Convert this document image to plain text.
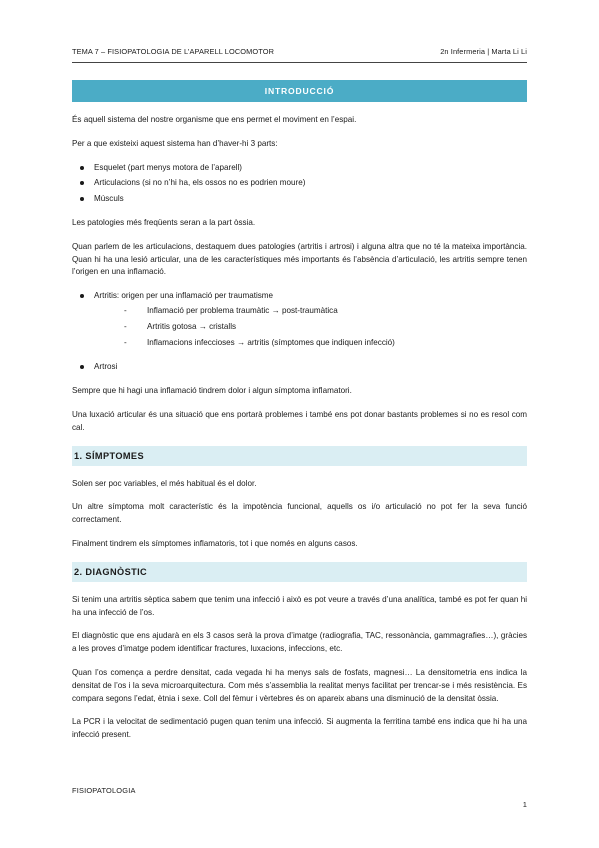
TEMA 7 – FISIOPATOLOGIA DE L’APARELL LOCOMOTOR	2n Infermeria | Marta Li Li
INTRODUCCIÓ

És aquell sistema del nostre organisme que ens permet el moviment en l’espai.

Per a que existeixi aquest sistema han d’haver-hi 3 parts:

Esquelet (part menys motora de l’aparell)
Articulacions (si no n’hi ha, els ossos no es podrien moure)
Músculs

Les patologies més freqüents seran a la part òssia.

Quan parlem de les articulacions, destaquem dues patologies (artritis i artrosi) i alguna altra que no té la mateixa importància. Quan hi ha una lesió articular, una de les característiques més importants és l’absència d’articulació, les artritis sempre tenen l’origen en una inflamació.

Artritis: origen per una inflamació per traumatisme
- Inflamació per problema traumàtic → post-traumàtica
- Artritis gotosa → cristalls
- Inflamacions infeccioses → artritis (símptomes que indiquen infecció)
Artrosi

Sempre que hi hagi una inflamació tindrem dolor i algun símptoma inflamatori.

Una luxació articular és una situació que ens portarà problemes i també ens pot donar bastants problemes si no es resol com cal.

1. SÍMPTOMES

Solen ser poc variables, el més habitual és el dolor.

Un altre símptoma molt característic és la impotència funcional, aquells os i/o articulació no pot fer la seva funció correctament.

Finalment tindrem els símptomes inflamatoris, tot i que només en alguns casos.

2. DIAGNÒSTIC

Si tenim una artritis sèptica sabem que tenim una infecció i això es pot veure a través d’una analítica, també es pot fer quan hi ha una infecció de l’os.

El diagnòstic que ens ajudarà en els 3 casos serà la prova d’imatge (radiografia, TAC, ressonància, gammagrafies…), gràcies a les proves d’imatge podem identificar fractures, luxacions, infeccions, etc.

Quan l’os comença a perdre densitat, cada vegada hi ha menys sals de fosfats, magnesi… La densitometria ens indica la densitat de l’os i la seva microarquitectura. Com més s’assemblia la realitat menys facilitat per trencar-se i més resistència. Es compara segons l’edat, ètnia i sexe. Coll del fèmur i vèrtebres és on apareix abans una disminució de la densitat òssia.

La PCR i la velocitat de sedimentació pugen quan tenim una infecció. Si augmenta la ferritina també ens indica que hi ha una infecció present.

FISIOPATOLOGIA
1
